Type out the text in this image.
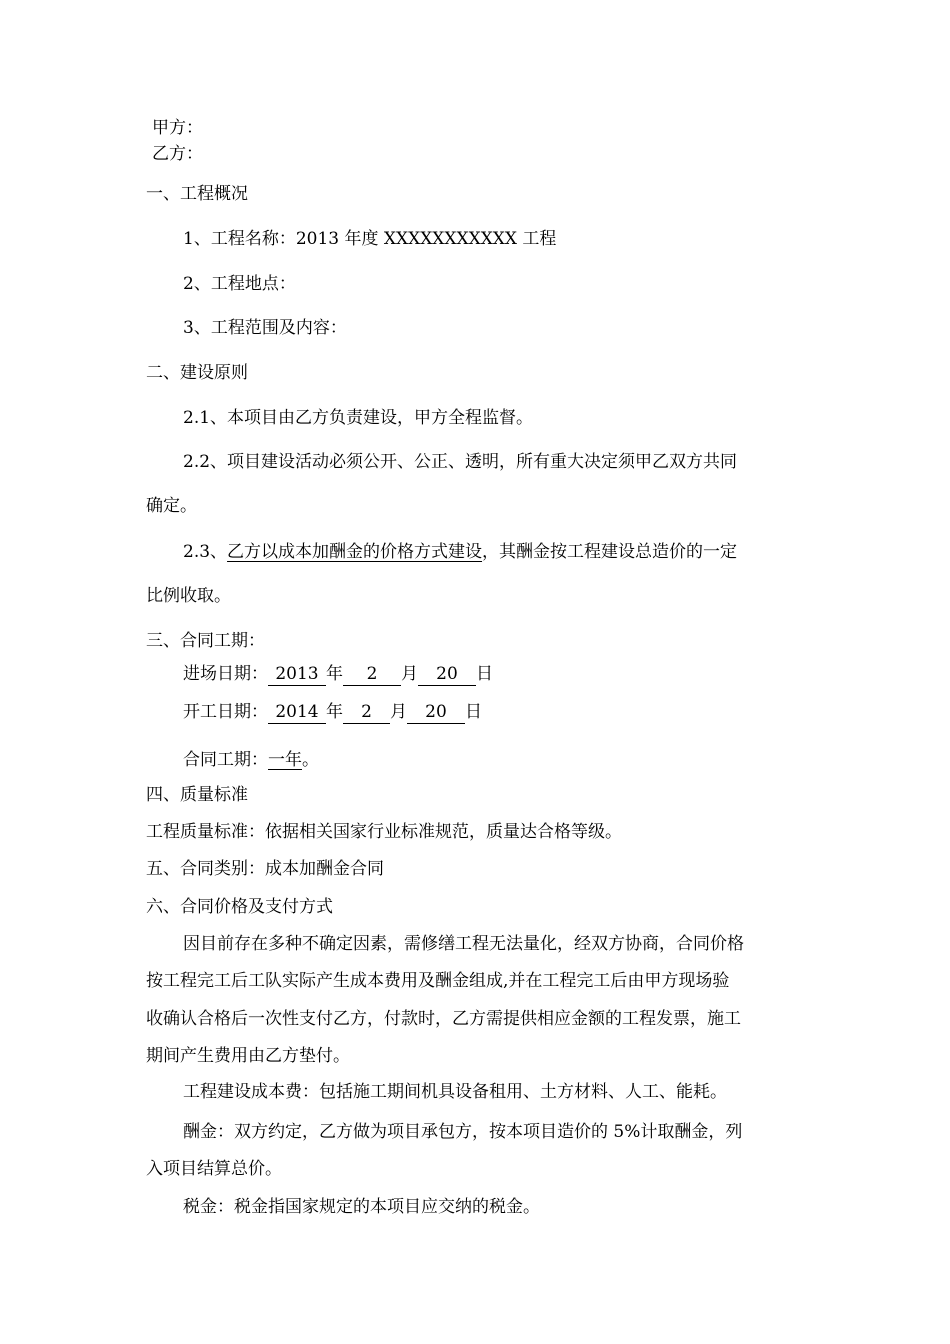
甲方：
乙方：
一、工程概况
1、工程名称：2013 年度 XXXXXXXXXXX 工程
2、工程地点：
3、工程范围及内容：
二、建设原则
2.1、本项目由乙方负责建设，甲方全程监督。
2.2、项目建设活动必须公开、公正、透明，所有重大决定须甲乙双方共同
确定。
2.3、乙方以成本加酬金的价格方式建设，其酬金按工程建设总造价的一定
比例收取。
三、合同工期：
进场日期： 2013 年 2 月 20 日
开工日期： 2014 年 2 月 20 日
合同工期：一年。
四、质量标准
工程质量标准：依据相关国家行业标准规范，质量达合格等级。
五、合同类别：成本加酬金合同
六、合同价格及支付方式
因目前存在多种不确定因素，需修缮工程无法量化，经双方协商，合同价格
按工程完工后工队实际产生成本费用及酬金组成,并在工程完工后由甲方现场验
收确认合格后一次性支付乙方，付款时，乙方需提供相应金额的工程发票，施工
期间产生费用由乙方垫付。
工程建设成本费：包括施工期间机具设备租用、土方材料、人工、能耗。
酬金：双方约定，乙方做为项目承包方，按本项目造价的 5%计取酬金，列
入项目结算总价。
税金：税金指国家规定的本项目应交纳的税金。
